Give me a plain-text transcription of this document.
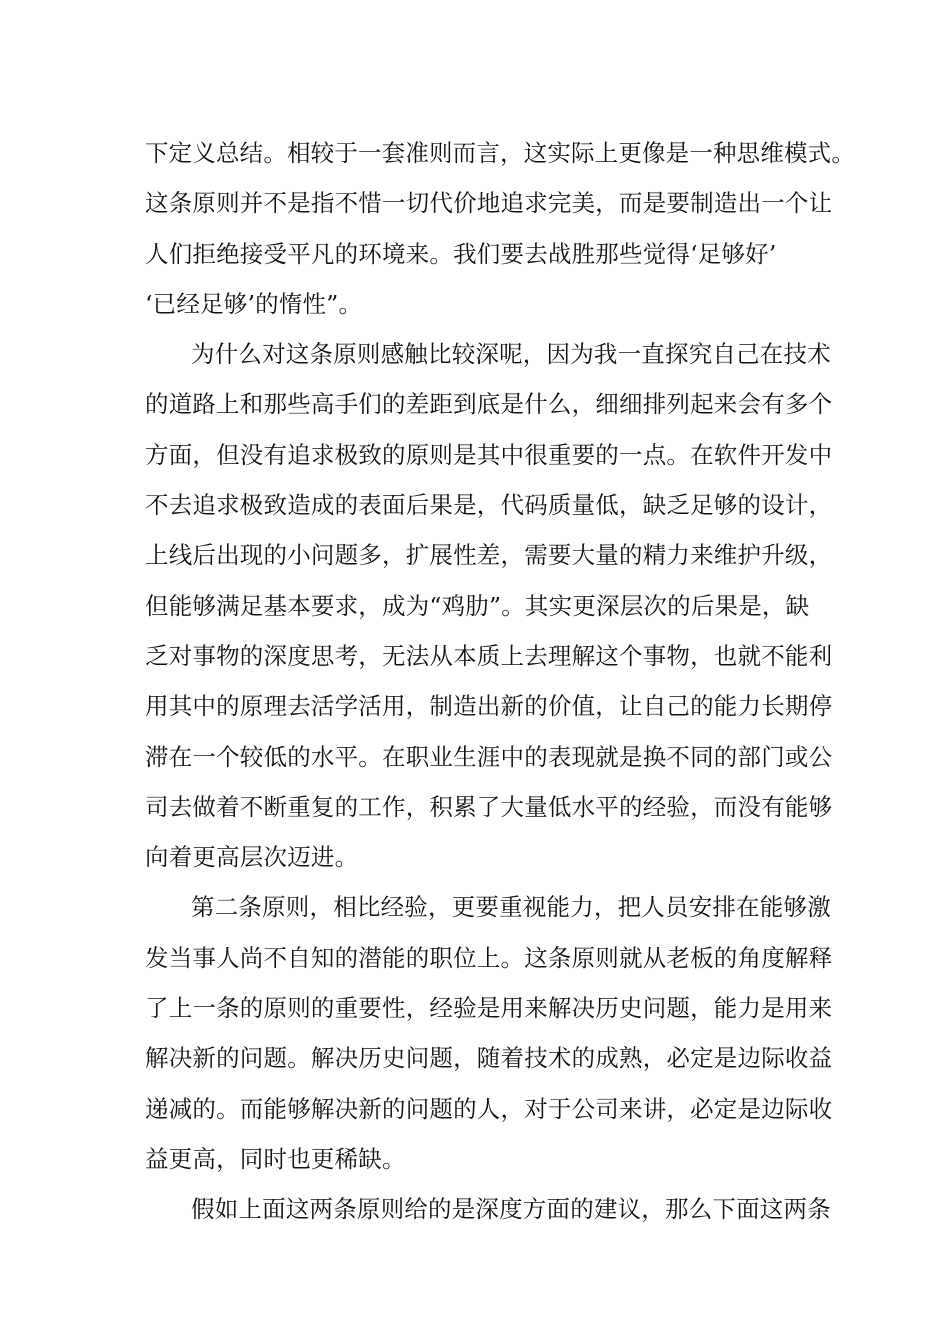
下定义总结。相较于一套准则而言，这实际上更像是一种思维模式。
这条原则并不是指不惜一切代价地追求完美，而是要制造出一个让
人们拒绝接受平凡的环境来。我们要去战胜那些觉得‘足够好’
‘已经足够’的惰性”。
为什么对这条原则感触比较深呢，因为我一直探究自己在技术
的道路上和那些高手们的差距到底是什么，细细排列起来会有多个
方面，但没有追求极致的原则是其中很重要的一点。在软件开发中
不去追求极致造成的表面后果是，代码质量低，缺乏足够的设计，
上线后出现的小问题多，扩展性差，需要大量的精力来维护升级，
但能够满足基本要求，成为“鸡肋”。其实更深层次的后果是，缺
乏对事物的深度思考，无法从本质上去理解这个事物，也就不能利
用其中的原理去活学活用，制造出新的价值，让自己的能力长期停
滞在一个较低的水平。在职业生涯中的表现就是换不同的部门或公
司去做着不断重复的工作，积累了大量低水平的经验，而没有能够
向着更高层次迈进。
第二条原则，相比经验，更要重视能力，把人员安排在能够激
发当事人尚不自知的潜能的职位上。这条原则就从老板的角度解释
了上一条的原则的重要性，经验是用来解决历史问题，能力是用来
解决新的问题。解决历史问题，随着技术的成熟，必定是边际收益
递减的。而能够解决新的问题的人，对于公司来讲，必定是边际收
益更高，同时也更稀缺。
假如上面这两条原则给的是深度方面的建议，那么下面这两条
